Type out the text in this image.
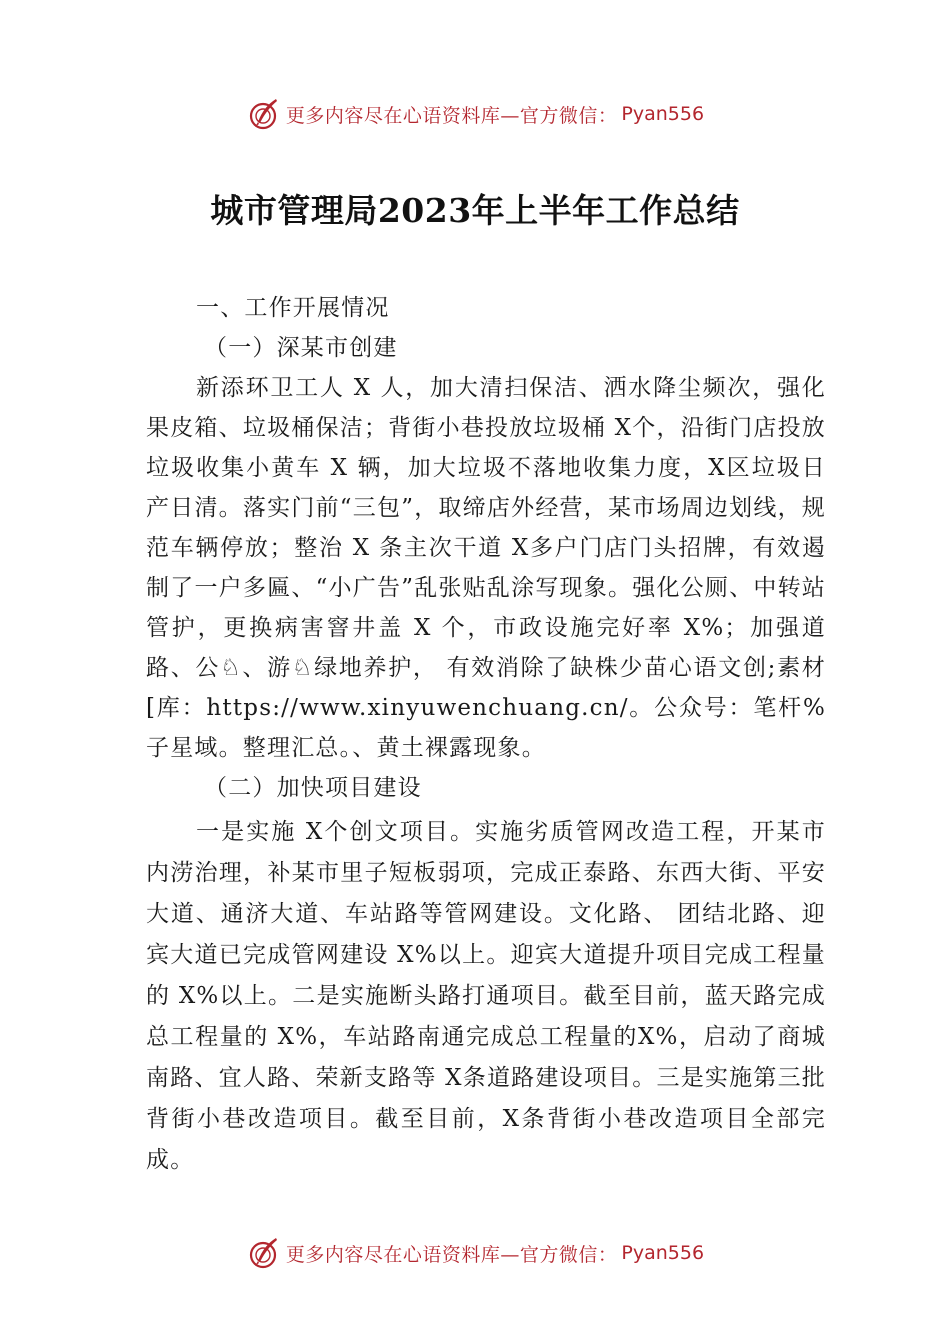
更多内容尽在心语资料库—官方微信： Pyan556
城市管理局2023年上半年工作总结

一、工作开展情况

（一）深某市创建

新添环卫工人 X 人，加大清扫保洁、洒水降尘频次，强化果皮箱、垃圾桶保洁；背街小巷投放垃圾桶 X个，沿街门店投放垃圾收集小黄车 X 辆，加大垃圾不落地收集力度，X区垃圾日产日清。落实门前“三包”，取缔店外经营，某市场周边划线，规范车辆停放；整治 X 条主次干道 X多户门店门头招牌，有效遏制了一户多匾、“小广告”乱张贴乱涂写现象。强化公厕、中转站管护，更换病害窨井盖 X 个，市政设施完好率 X%；加强道路、公♘、游♘绿地养护， 有效消除了缺株少苗心语文创;素材[库：https://www.xinyuwenchuang.cn/。公众号：笔杆%子星域。整理汇总。、黄土裸露现象。

（二）加快项目建设

一是实施 X个创文项目。实施劣质管网改造工程，开某市内涝治理，补某市里子短板弱项，完成正泰路、东西大街、平安大道、通济大道、车站路等管网建设。文化路、 团结北路、迎宾大道已完成管网建设 X%以上。迎宾大道提升项目完成工程量的 X%以上。二是实施断头路打通项目。截至目前，蓝天路完成总工程量的 X%，车站路南通完成总工程量的X%，启动了商城南路、宜人路、荣新支路等 X条道路建设项目。三是实施第三批背街小巷改造项目。截至目前，X条背街小巷改造项目全部完成。

更多内容尽在心语资料库—官方微信： Pyan556
